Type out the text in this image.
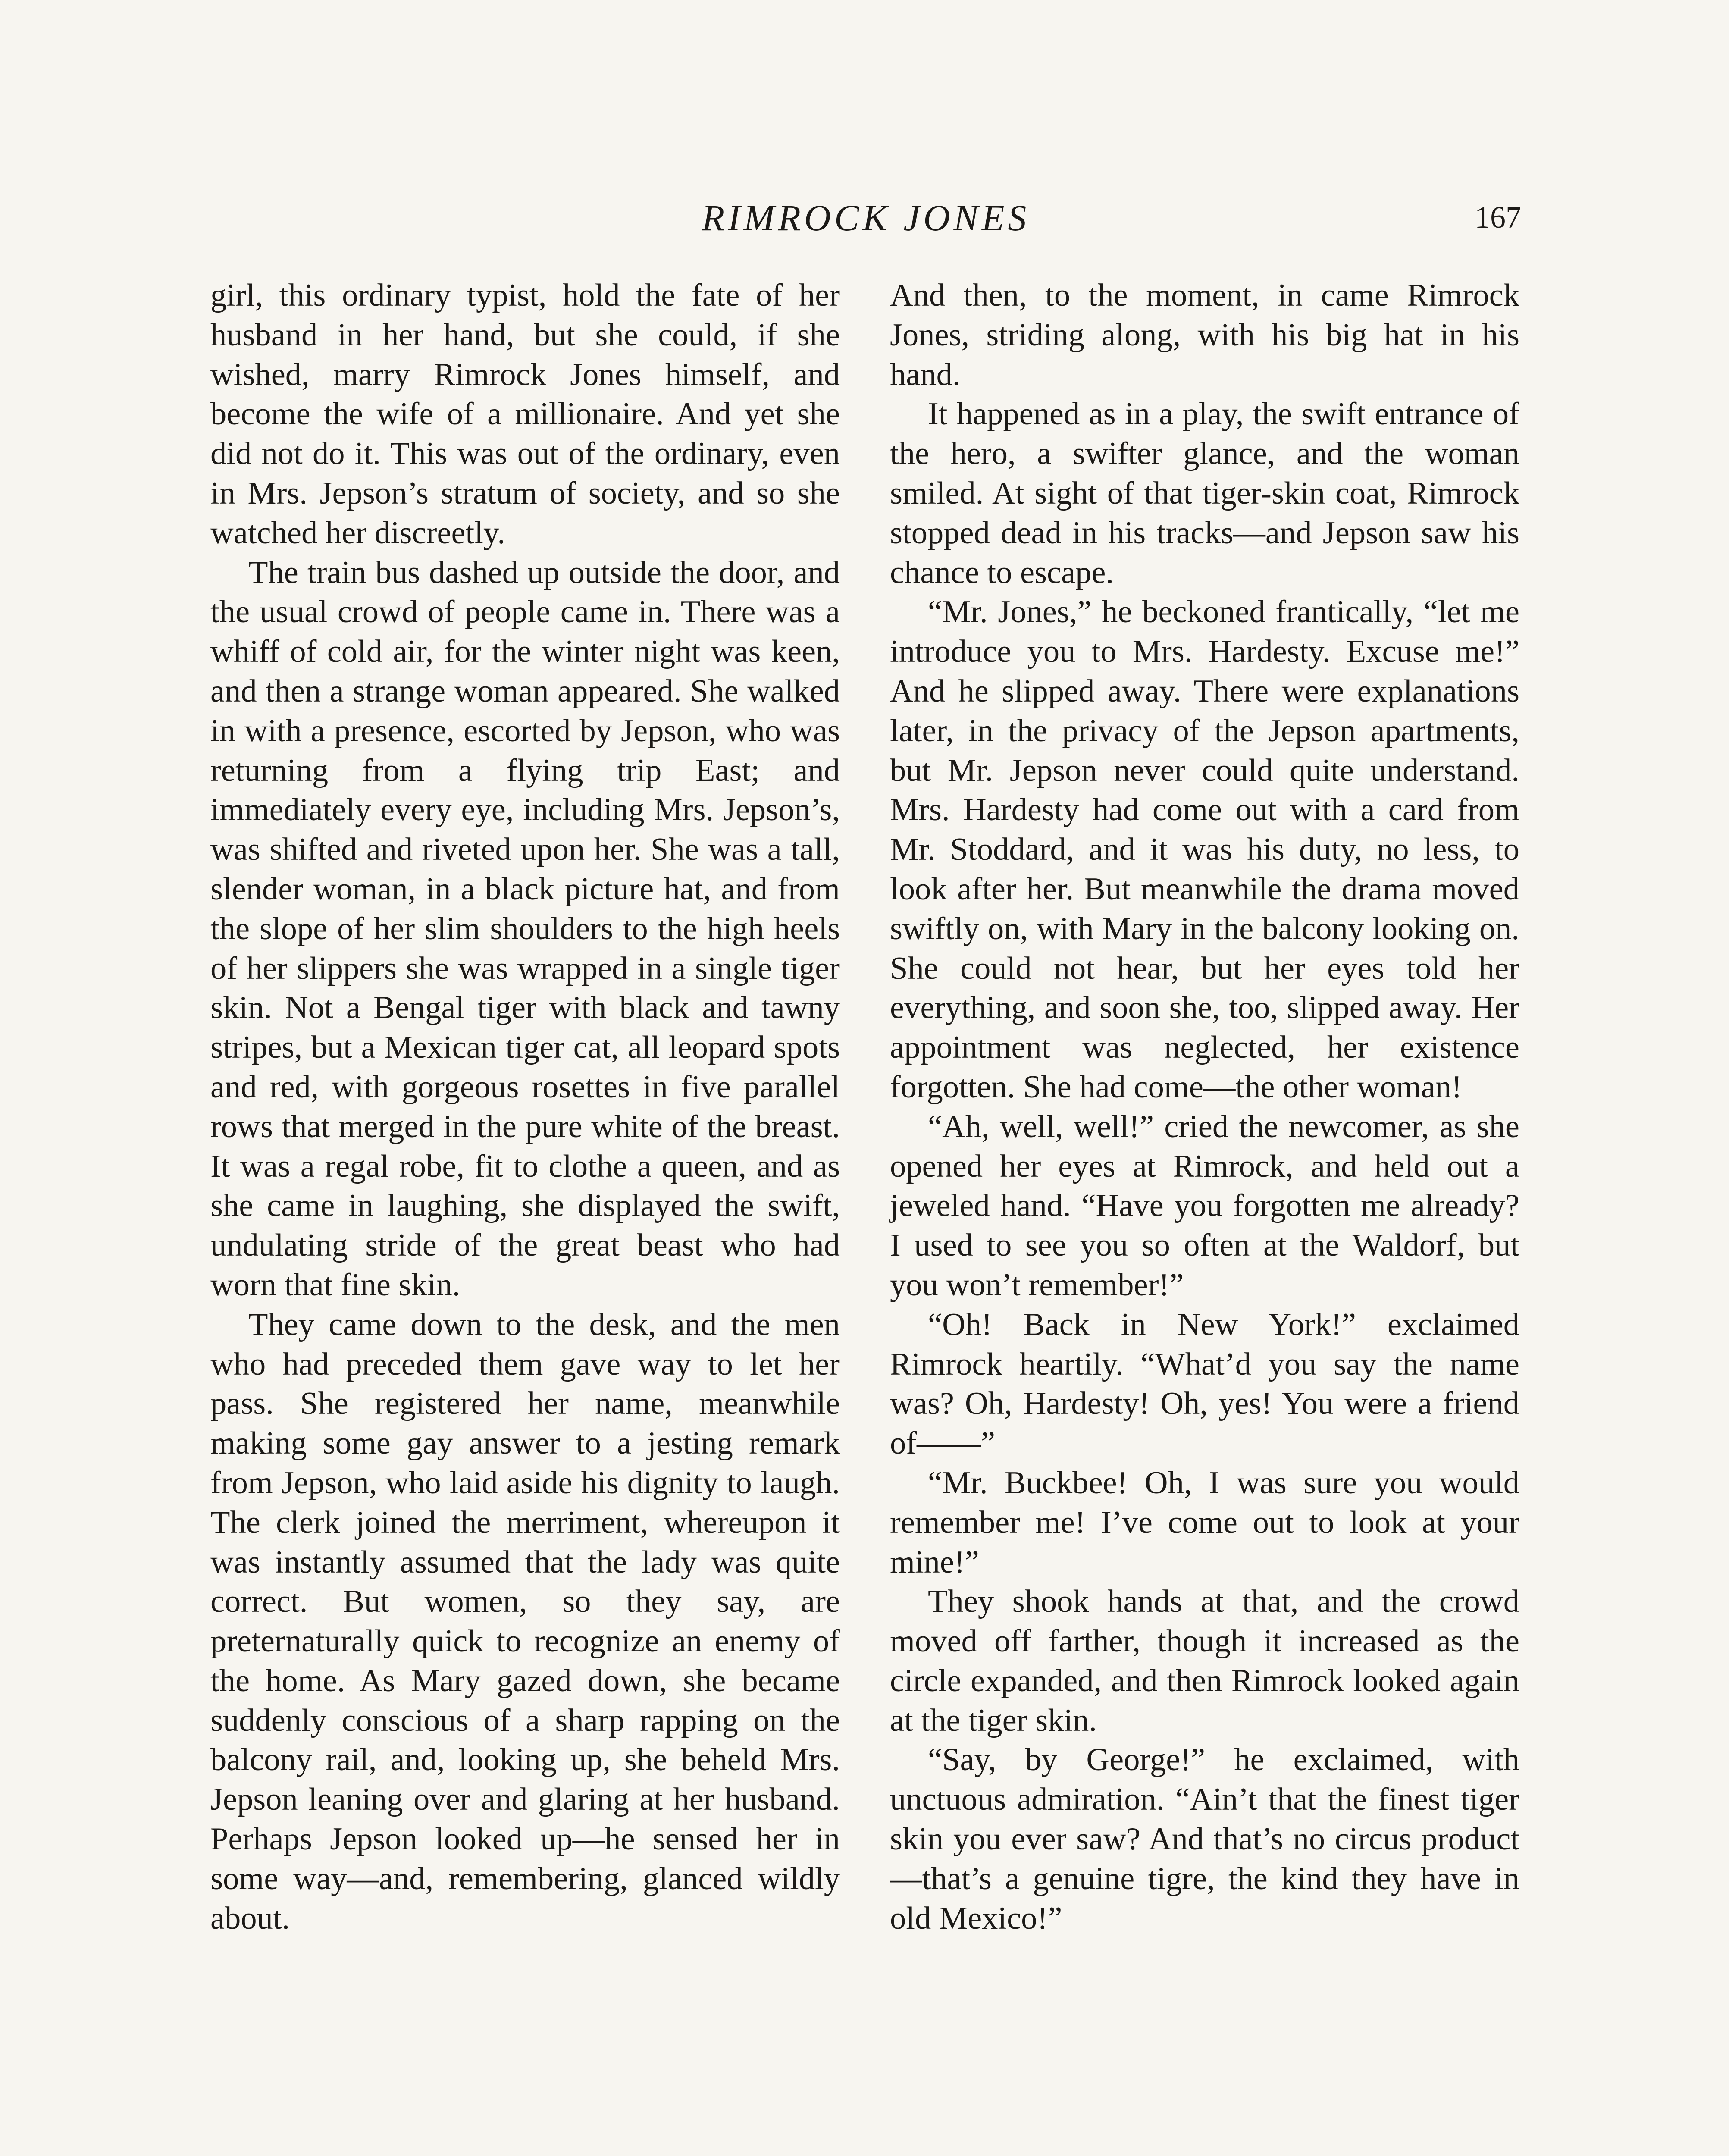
RIMROCK JONES	167

girl, this ordinary typist, hold the fate of her husband in her hand, but she could, if she wished, marry Rimrock Jones himself, and become the wife of a millionaire. And yet she did not do it. This was out of the ordinary, even in Mrs. Jepson’s stratum of society, and so she watched her discreetly.

The train bus dashed up outside the door, and the usual crowd of people came in. There was a whiff of cold air, for the winter night was keen, and then a strange woman appeared. She walked in with a presence, escorted by Jepson, who was returning from a flying trip East; and immediately every eye, including Mrs. Jepson’s, was shifted and riveted upon her. She was a tall, slender woman, in a black picture hat, and from the slope of her slim shoulders to the high heels of her slippers she was wrapped in a single tiger skin. Not a Bengal tiger with black and tawny stripes, but a Mexican tiger cat, all leopard spots and red, with gorgeous rosettes in five parallel rows that merged in the pure white of the breast. It was a regal robe, fit to clothe a queen, and as she came in laughing, she displayed the swift, undulating stride of the great beast who had worn that fine skin.

They came down to the desk, and the men who had preceded them gave way to let her pass. She registered her name, meanwhile making some gay answer to a jesting remark from Jepson, who laid aside his dignity to laugh. The clerk joined the merriment, whereupon it was instantly assumed that the lady was quite correct. But women, so they say, are preternaturally quick to recognize an enemy of the home. As Mary gazed down, she became suddenly conscious of a sharp rapping on the balcony rail, and, looking up, she beheld Mrs. Jepson leaning over and glaring at her husband. Perhaps Jepson looked up—he sensed her in some way—and, remembering, glanced wildly about.

And then, to the moment, in came Rimrock Jones, striding along, with his big hat in his hand.

It happened as in a play, the swift entrance of the hero, a swifter glance, and the woman smiled. At sight of that tiger-skin coat, Rimrock stopped dead in his tracks—and Jepson saw his chance to escape.

“Mr. Jones,” he beckoned frantically, “let me introduce you to Mrs. Hardesty. Excuse me!” And he slipped away. There were explanations later, in the privacy of the Jepson apartments, but Mr. Jepson never could quite understand. Mrs. Hardesty had come out with a card from Mr. Stoddard, and it was his duty, no less, to look after her. But meanwhile the drama moved swiftly on, with Mary in the balcony looking on. She could not hear, but her eyes told her everything, and soon she, too, slipped away. Her appointment was neglected, her existence forgotten. She had come—the other woman!

“Ah, well, well!” cried the newcomer, as she opened her eyes at Rimrock, and held out a jeweled hand. “Have you forgotten me already? I used to see you so often at the Waldorf, but you won’t remember!”

“Oh! Back in New York!” exclaimed Rimrock heartily. “What’d you say the name was? Oh, Hardesty! Oh, yes! You were a friend of——”

“Mr. Buckbee! Oh, I was sure you would remember me! I’ve come out to look at your mine!”

They shook hands at that, and the crowd moved off farther, though it increased as the circle expanded, and then Rimrock looked again at the tiger skin.

“Say, by George!” he exclaimed, with unctuous admiration. “Ain’t that the finest tiger skin you ever saw? And that’s no circus product—that’s a genuine tigre, the kind they have in old Mexico!”
